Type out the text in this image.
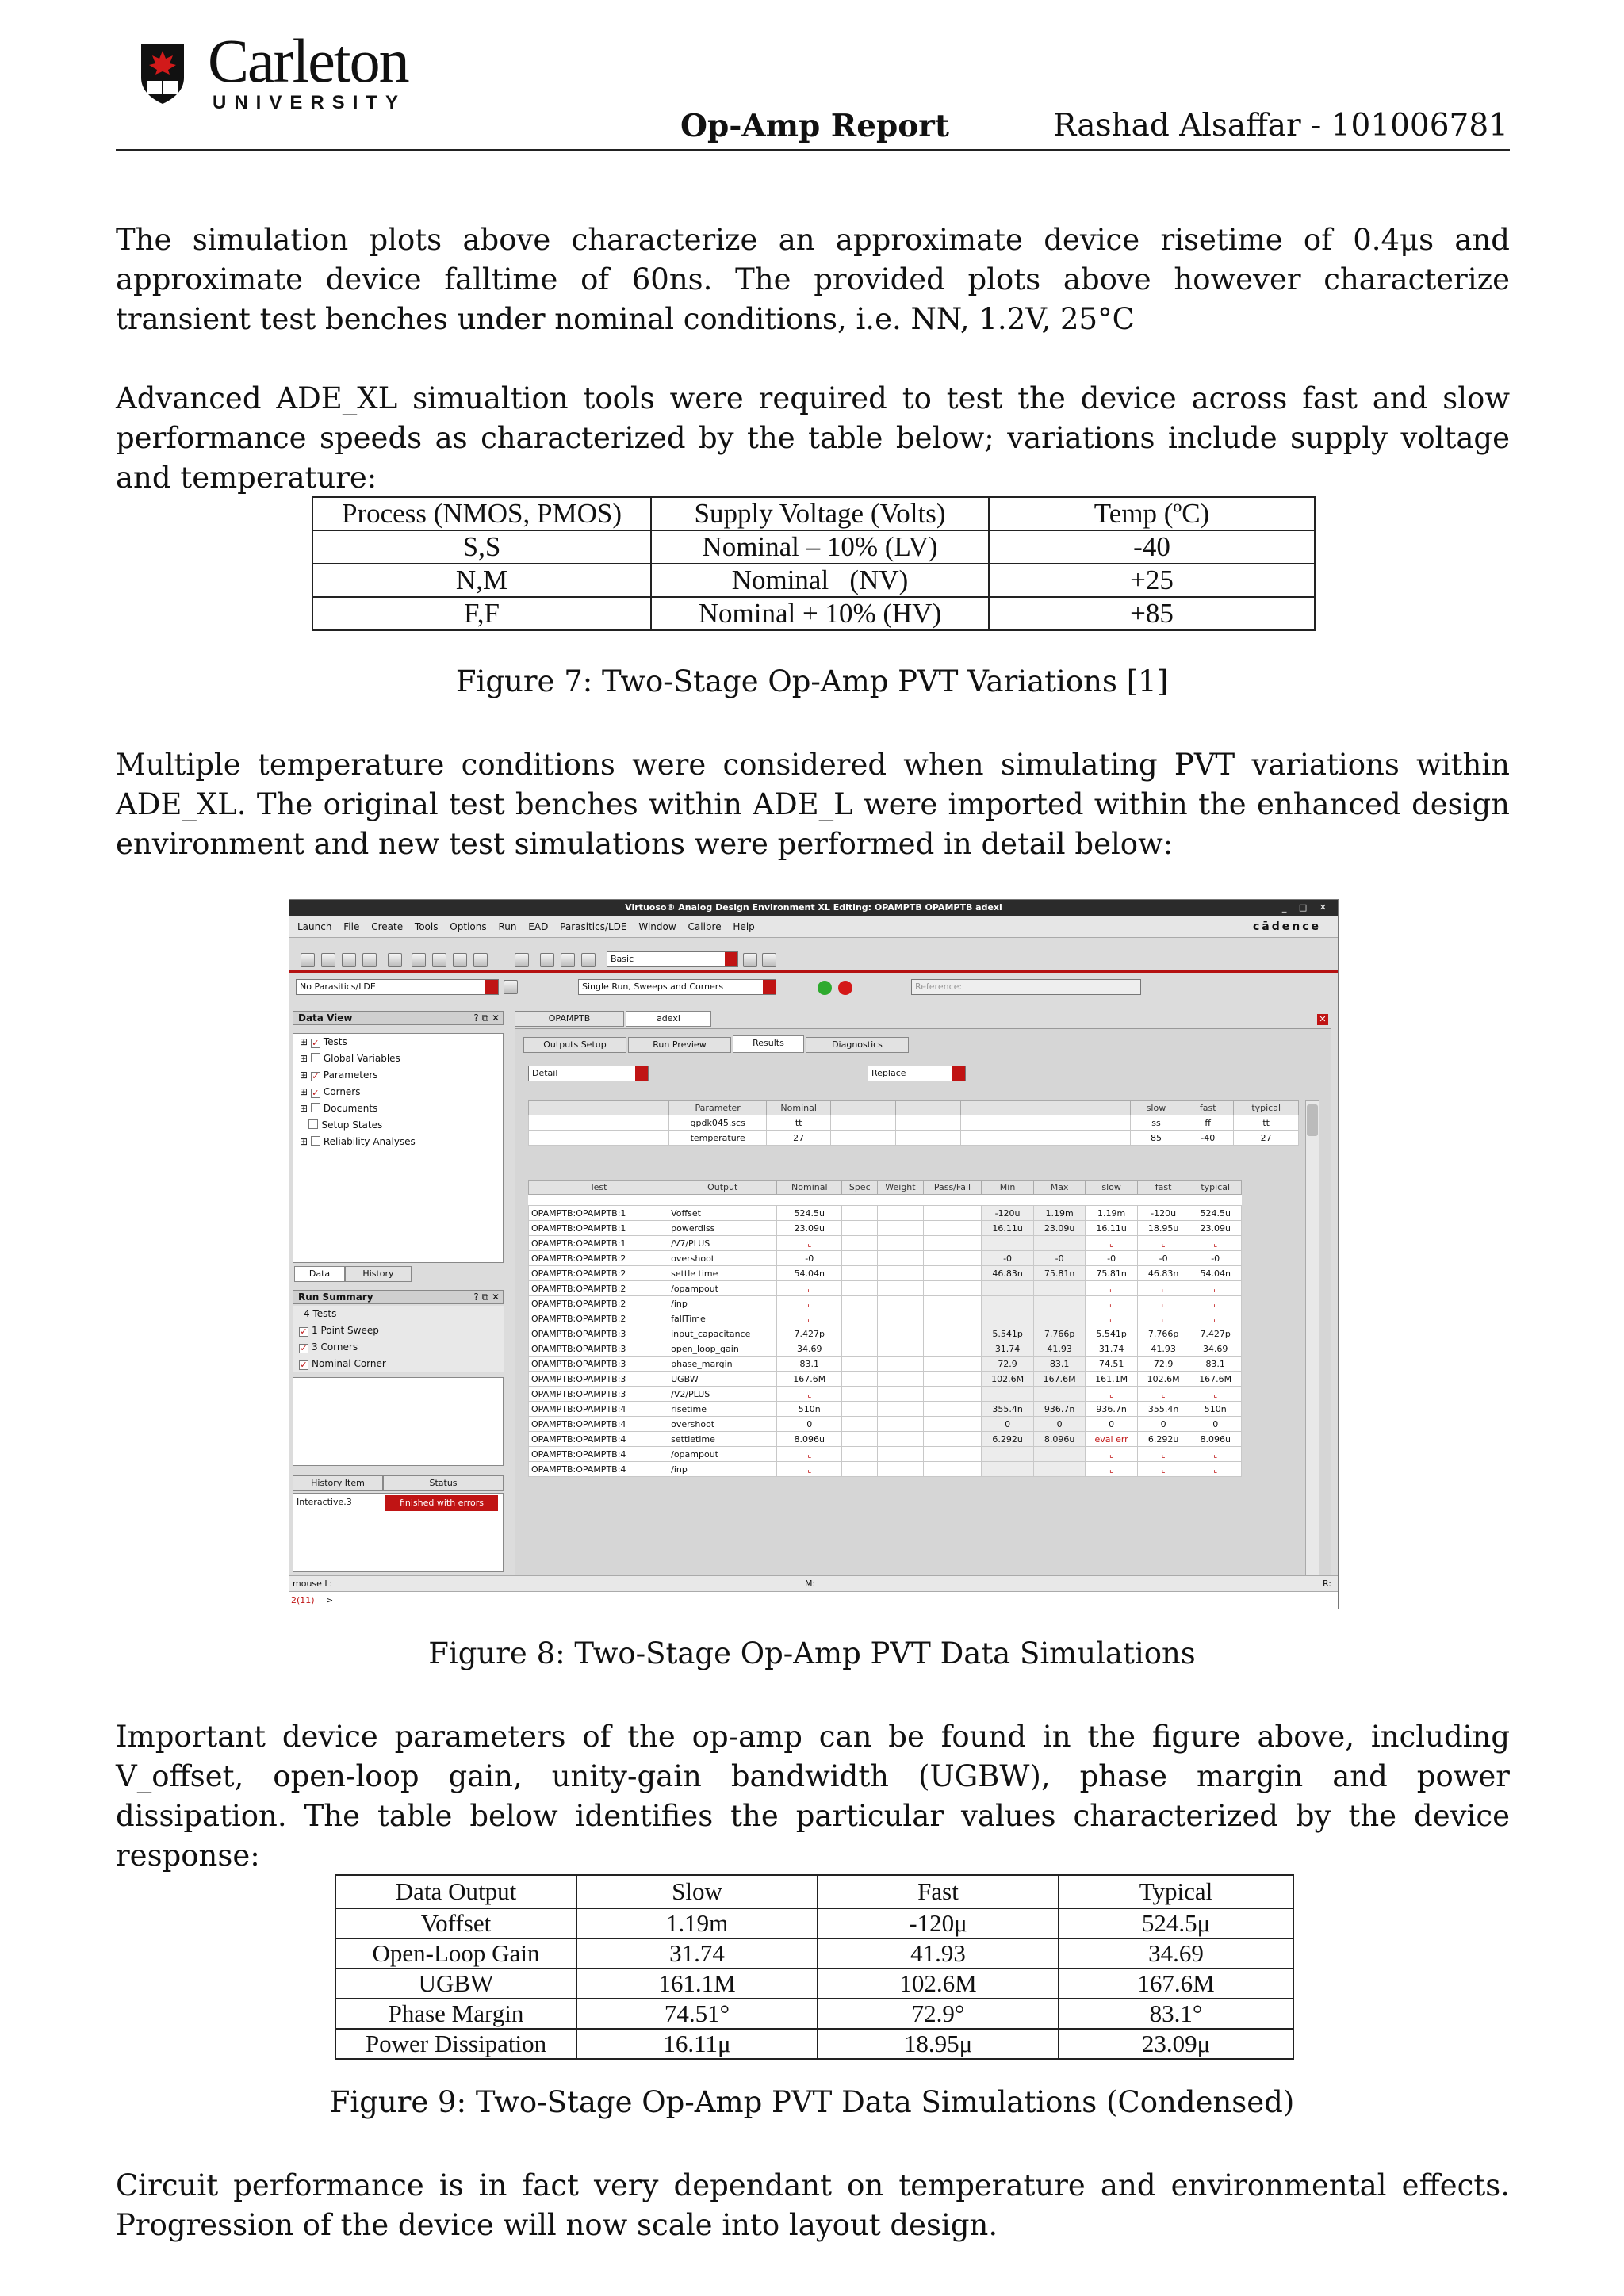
Carleton
UNIVERSITY
Op-Amp Report	Rashad Alsaffar - 101006781

The simulation plots above characterize an approximate device risetime of 0.4μs and approximate device falltime of 60ns. The provided plots above however characterize transient test benches under nominal conditions, i.e. NN, 1.2V, 25°C

Advanced ADE_XL simualtion tools were required to test the device across fast and slow performance speeds as characterized by the table below; variations include supply voltage and temperature:

Process (NMOS, PMOS)	Supply Voltage (Volts)	Temp (ºC)
S,S	Nominal – 10% (LV)	-40
N,M	Nominal   (NV)	+25
F,F	Nominal + 10% (HV)	+85
Figure 7: Two-Stage Op-Amp PVT Variations [1]

Multiple temperature conditions were considered when simulating PVT variations within ADE_XL. The original test benches within ADE_L were imported within the enhanced design environment and new test simulations were performed in detail below:

Virtuoso® Analog Design Environment XL Editing: OPAMPTB OPAMPTB adexl	_ □ ✕
Launch File Create Tools Options Run EAD Parasitics/LDE Window Calibre Help	cādence
Basic
No Parasitics/LDE	Single Run, Sweeps and Corners	Reference:
Data View	? ⧉ ✕
⊞ ✓ Tests
⊞ Global Variables
⊞ ✓ Parameters
⊞ ✓ Corners
⊞ Documents
Setup States
⊞ Reliability Analyses
Data	History
Run Summary	? ⧉ ✕
4 Tests
✓ 1 Point Sweep
✓ 3 Corners
✓ Nominal Corner
History Item	Status
Interactive.3	finished with errors
OPAMPTB	adexl	✕
Outputs Setup	Run Preview	Results	Diagnostics
Detail	Replace
	Parameter	Nominal					slow	fast	typical
	gpdk045.scs	tt					ss	ff	tt
	temperature	27					85	-40	27
Test	Output	Nominal	Spec	Weight	Pass/Fail	Min	Max	slow	fast	typical

OPAMPTB:OPAMPTB:1	Voffset	524.5u				-120u	1.19m	1.19m	-120u	524.5u
OPAMPTB:OPAMPTB:1	powerdiss	23.09u				16.11u	23.09u	16.11u	18.95u	23.09u
OPAMPTB:OPAMPTB:1	/V7/PLUS	⌞						⌞	⌞	⌞
OPAMPTB:OPAMPTB:2	overshoot	-0				-0	-0	-0	-0	-0
OPAMPTB:OPAMPTB:2	settle time	54.04n				46.83n	75.81n	75.81n	46.83n	54.04n
OPAMPTB:OPAMPTB:2	/opampout	⌞						⌞	⌞	⌞
OPAMPTB:OPAMPTB:2	/inp	⌞						⌞	⌞	⌞
OPAMPTB:OPAMPTB:2	fallTime	⌞						⌞	⌞	⌞
OPAMPTB:OPAMPTB:3	input_capacitance	7.427p				5.541p	7.766p	5.541p	7.766p	7.427p
OPAMPTB:OPAMPTB:3	open_loop_gain	34.69				31.74	41.93	31.74	41.93	34.69
OPAMPTB:OPAMPTB:3	phase_margin	83.1				72.9	83.1	74.51	72.9	83.1
OPAMPTB:OPAMPTB:3	UGBW	167.6M				102.6M	167.6M	161.1M	102.6M	167.6M
OPAMPTB:OPAMPTB:3	/V2/PLUS	⌞						⌞	⌞	⌞
OPAMPTB:OPAMPTB:4	risetime	510n				355.4n	936.7n	936.7n	355.4n	510n
OPAMPTB:OPAMPTB:4	overshoot	0				0	0	0	0	0
OPAMPTB:OPAMPTB:4	settletime	8.096u				6.292u	8.096u	eval err	6.292u	8.096u
OPAMPTB:OPAMPTB:4	/opampout	⌞						⌞	⌞	⌞
OPAMPTB:OPAMPTB:4	/inp	⌞						⌞	⌞	⌞
mouse L:	M:	R:
2(11) >
Figure 8: Two-Stage Op-Amp PVT Data Simulations

Important device parameters of the op-amp can be found in the figure above, including V_offset, open-loop gain, unity-gain bandwidth (UGBW), phase margin and power dissipation. The table below identifies the particular values characterized by the device response:

Data Output	Slow	Fast	Typical
Voffset	1.19m	-120μ	524.5μ
Open-Loop Gain	31.74	41.93	34.69
UGBW	161.1M	102.6M	167.6M
Phase Margin	74.51°	72.9°	83.1°
Power Dissipation	16.11μ	18.95μ	23.09μ
Figure 9: Two-Stage Op-Amp PVT Data Simulations (Condensed)

Circuit performance is in fact very dependant on temperature and environmental effects. Progression of the device will now scale into layout design.
